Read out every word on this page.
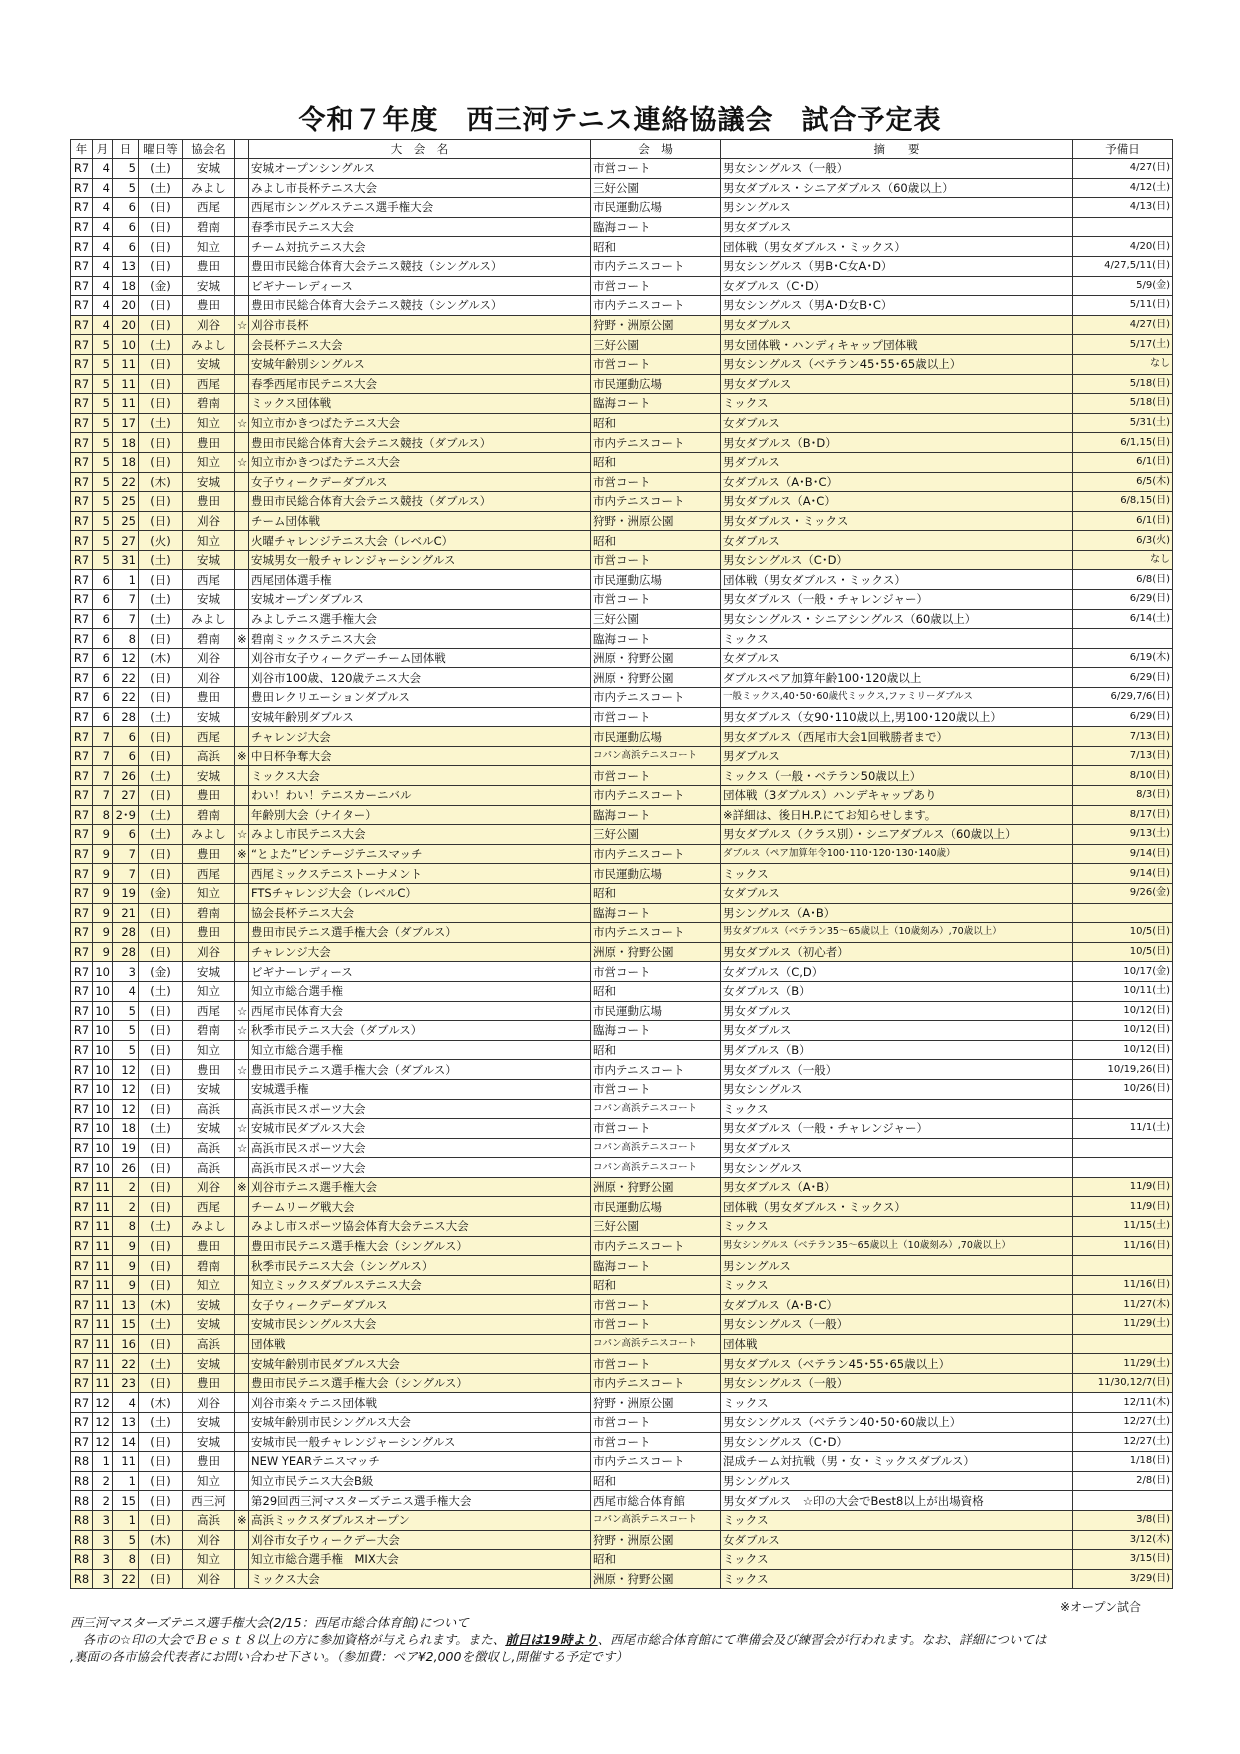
令和７年度　西三河テニス連絡協議会　試合予定表
年	月	日	曜日等	協会名		大　会　名	会　場	摘　　要	予備日
R7	4	5	(土)	安城		安城オープンシングルス	市営コート	男女シングルス（一般）	4/27(日)
R7	4	5	(土)	みよし		みよし市長杯テニス大会	三好公園	男女ダブルス・シニアダブルス（60歳以上）	4/12(土)
R7	4	6	(日)	西尾		西尾市シングルステニス選手権大会	市民運動広場	男シングルス	4/13(日)
R7	4	6	(日)	碧南		春季市民テニス大会	臨海コート	男女ダブルス	
R7	4	6	(日)	知立		チーム対抗テニス大会	昭和	団体戦（男女ダブルス・ミックス）	4/20(日)
R7	4	13	(日)	豊田		豊田市民総合体育大会テニス競技（シングルス）	市内テニスコート	男女シングルス（男B･C女A･D）	4/27,5/11(日)
R7	4	18	(金)	安城		ビギナーレディース	市営コート	女ダブルス（C･D）	5/9(金)
R7	4	20	(日)	豊田		豊田市民総合体育大会テニス競技（シングルス）	市内テニスコート	男女シングルス（男A･D女B･C）	5/11(日)
R7	4	20	(日)	刈谷	☆	刈谷市長杯	狩野・洲原公園	男女ダブルス	4/27(日)
R7	5	10	(土)	みよし		会長杯テニス大会	三好公園	男女団体戦・ハンディキャップ団体戦	5/17(土)
R7	5	11	(日)	安城		安城年齢別シングルス	市営コート	男女シングルス（ベテラン45･55･65歳以上）	なし
R7	5	11	(日)	西尾		春季西尾市民テニス大会	市民運動広場	男女ダブルス	5/18(日)
R7	5	11	(日)	碧南		ミックス団体戦	臨海コート	ミックス	5/18(日)
R7	5	17	(土)	知立	☆	知立市かきつばたテニス大会	昭和	女ダブルス	5/31(土)
R7	5	18	(日)	豊田		豊田市民総合体育大会テニス競技（ダブルス）	市内テニスコート	男女ダブルス（B･D）	6/1,15(日)
R7	5	18	(日)	知立	☆	知立市かきつばたテニス大会	昭和	男ダブルス	6/1(日)
R7	5	22	(木)	安城		女子ウィークデーダブルス	市営コート	女ダブルス（A･B･C）	6/5(木)
R7	5	25	(日)	豊田		豊田市民総合体育大会テニス競技（ダブルス）	市内テニスコート	男女ダブルス（A･C）	6/8,15(日)
R7	5	25	(日)	刈谷		チーム団体戦	狩野・洲原公園	男女ダブルス・ミックス	6/1(日)
R7	5	27	(火)	知立		火曜チャレンジテニス大会（レベルC）	昭和	女ダブルス	6/3(火)
R7	5	31	(土)	安城		安城男女一般チャレンジャーシングルス	市営コート	男女シングルス（C･D）	なし
R7	6	1	(日)	西尾		西尾団体選手権	市民運動広場	団体戦（男女ダブルス・ミックス）	6/8(日)
R7	6	7	(土)	安城		安城オープンダブルス	市営コート	男女ダブルス（一般・チャレンジャー）	6/29(日)
R7	6	7	(土)	みよし		みよしテニス選手権大会	三好公園	男女シングルス・シニアシングルス（60歳以上）	6/14(土)
R7	6	8	(日)	碧南	※	碧南ミックステニス大会	臨海コート	ミックス	
R7	6	12	(木)	刈谷		刈谷市女子ウィークデーチーム団体戦	洲原・狩野公園	女ダブルス	6/19(木)
R7	6	22	(日)	刈谷		刈谷市100歳、120歳テニス大会	洲原・狩野公園	ダブルスペア加算年齢100･120歳以上	6/29(日)
R7	6	22	(日)	豊田		豊田レクリエーションダブルス	市内テニスコート	一般ミックス,40･50･60歳代ミックス,ファミリーダブルス	6/29,7/6(日)
R7	6	28	(土)	安城		安城年齢別ダブルス	市営コート	男女ダブルス（女90･110歳以上,男100･120歳以上）	6/29(日)
R7	7	6	(日)	西尾		チャレンジ大会	市民運動広場	男女ダブルス（西尾市大会1回戦勝者まで）	7/13(日)
R7	7	6	(日)	高浜	※	中日杯争奪大会	コパン高浜テニスコート	男ダブルス	7/13(日)
R7	7	26	(土)	安城		ミックス大会	市営コート	ミックス（一般・ベテラン50歳以上）	8/10(日)
R7	7	27	(日)	豊田		わい！わい！テニスカーニバル	市内テニスコート	団体戦（3ダブルス）ハンデキャップあり	8/3(日)
R7	8	2･9	(土)	碧南		年齢別大会（ナイター）	臨海コート	※詳細は、後日H.P.にてお知らせします。	8/17(日)
R7	9	6	(土)	みよし	☆	みよし市民テニス大会	三好公園	男女ダブルス（クラス別）・シニアダブルス（60歳以上）	9/13(土)
R7	9	7	(日)	豊田	※	“とよた”ビンテージテニスマッチ	市内テニスコート	ダブルス（ペア加算年令100･110･120･130･140歳）	9/14(日)
R7	9	7	(日)	西尾		西尾ミックステニストーナメント	市民運動広場	ミックス	9/14(日)
R7	9	19	(金)	知立		FTSチャレンジ大会（レベルC）	昭和	女ダブルス	9/26(金)
R7	9	21	(日)	碧南		協会長杯テニス大会	臨海コート	男シングルス（A･B）	
R7	9	28	(日)	豊田		豊田市民テニス選手権大会（ダブルス）	市内テニスコート	男女ダブルス（ベテラン35～65歳以上（10歳刻み）,70歳以上）	10/5(日)
R7	9	28	(日)	刈谷		チャレンジ大会	洲原・狩野公園	男女ダブルス（初心者）	10/5(日)
R7	10	3	(金)	安城		ビギナーレディース	市営コート	女ダブルス（C,D）	10/17(金)
R7	10	4	(土)	知立		知立市総合選手権	昭和	女ダブルス（B）	10/11(土)
R7	10	5	(日)	西尾	☆	西尾市民体育大会	市民運動広場	男女ダブルス	10/12(日)
R7	10	5	(日)	碧南	☆	秋季市民テニス大会（ダブルス）	臨海コート	男女ダブルス	10/12(日)
R7	10	5	(日)	知立		知立市総合選手権	昭和	男ダブルス（B）	10/12(日)
R7	10	12	(日)	豊田	☆	豊田市民テニス選手権大会（ダブルス）	市内テニスコート	男女ダブルス（一般）	10/19,26(日)
R7	10	12	(日)	安城		安城選手権	市営コート	男女シングルス	10/26(日)
R7	10	12	(日)	高浜		高浜市民スポーツ大会	コパン高浜テニスコート	ミックス	
R7	10	18	(土)	安城	☆	安城市民ダブルス大会	市営コート	男女ダブルス（一般・チャレンジャー）	11/1(土)
R7	10	19	(日)	高浜	☆	高浜市民スポーツ大会	コパン高浜テニスコート	男女ダブルス	
R7	10	26	(日)	高浜		高浜市民スポーツ大会	コパン高浜テニスコート	男女シングルス	
R7	11	2	(日)	刈谷	※	刈谷市テニス選手権大会	洲原・狩野公園	男女ダブルス（A･B）	11/9(日)
R7	11	2	(日)	西尾		チームリーグ戦大会	市民運動広場	団体戦（男女ダブルス・ミックス）	11/9(日)
R7	11	8	(土)	みよし		みよし市スポーツ協会体育大会テニス大会	三好公園	ミックス	11/15(土)
R7	11	9	(日)	豊田		豊田市民テニス選手権大会（シングルス）	市内テニスコート	男女シングルス（ベテラン35～65歳以上（10歳刻み）,70歳以上）	11/16(日)
R7	11	9	(日)	碧南		秋季市民テニス大会（シングルス）	臨海コート	男シングルス	
R7	11	9	(日)	知立		知立ミックスダブルステニス大会	昭和	ミックス	11/16(日)
R7	11	13	(木)	安城		女子ウィークデーダブルス	市営コート	女ダブルス（A･B･C）	11/27(木)
R7	11	15	(土)	安城		安城市民シングルス大会	市営コート	男女シングルス（一般）	11/29(土)
R7	11	16	(日)	高浜		団体戦	コパン高浜テニスコート	団体戦	
R7	11	22	(土)	安城		安城年齢別市民ダブルス大会	市営コート	男女ダブルス（ベテラン45･55･65歳以上）	11/29(土)
R7	11	23	(日)	豊田		豊田市民テニス選手権大会（シングルス）	市内テニスコート	男女シングルス（一般）	11/30,12/7(日)
R7	12	4	(木)	刈谷		刈谷市楽々テニス団体戦	狩野・洲原公園	ミックス	12/11(木)
R7	12	13	(土)	安城		安城年齢別市民シングルス大会	市営コート	男女シングルス（ベテラン40･50･60歳以上）	12/27(土)
R7	12	14	(日)	安城		安城市民一般チャレンジャーシングルス	市営コート	男女シングルス（C･D）	12/27(土)
R8	1	11	(日)	豊田		NEW YEARテニスマッチ	市内テニスコート	混成チーム対抗戦（男・女・ミックスダブルス）	1/18(日)
R8	2	1	(日)	知立		知立市民テニス大会B級	昭和	男シングルス	2/8(日)
R8	2	15	(日)	西三河		第29回西三河マスターズテニス選手権大会	西尾市総合体育館	男女ダブルス　☆印の大会でBest8以上が出場資格	
R8	3	1	(日)	高浜	※	高浜ミックスダブルスオープン	コパン高浜テニスコート	ミックス	3/8(日)
R8	3	5	(木)	刈谷		刈谷市女子ウィークデー大会	狩野・洲原公園	女ダブルス	3/12(木)
R8	3	8	(日)	知立		知立市総合選手権　MIX大会	昭和	ミックス	3/15(日)
R8	3	22	(日)	刈谷		ミックス大会	洲原・狩野公園	ミックス	3/29(日)
※オープン試合
西三河マスターズテニス選手権大会(2/15：西尾市総合体育館)について
　各市の☆印の大会でＢｅｓｔ８以上の方に参加資格が与えられます。また、前日は19時より、西尾市総合体育館にて準備会及び練習会が行われます。なお、詳細については
,裏面の各市協会代表者にお問い合わせ下さい。（参加費：ペア¥2,000を徴収し,開催する予定です）
